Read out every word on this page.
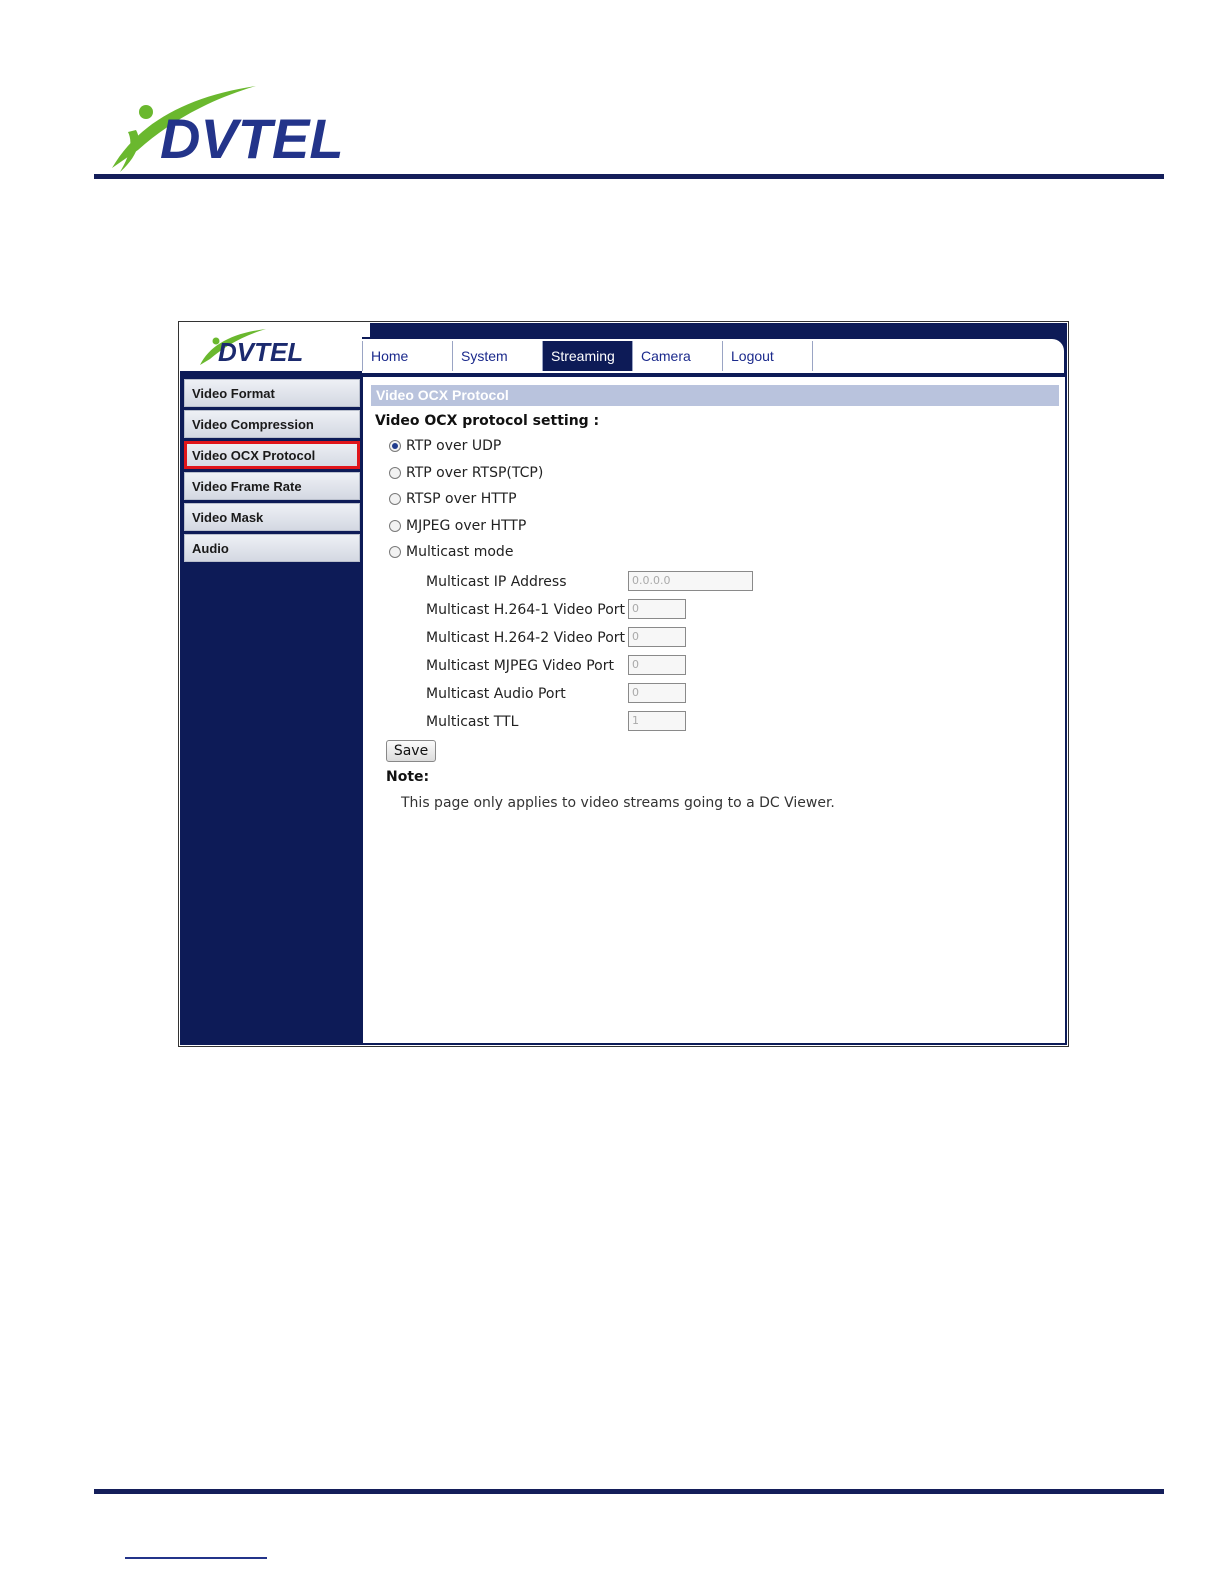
DVTEL
DVTEL	Home	System	Streaming	Camera	Logout
Video Format
Video Compression
Video OCX Protocol
Video Frame Rate
Video Mask
Audio
Video OCX Protocol
Video OCX protocol setting :
RTP over UDP
RTP over RTSP(TCP)
RTSP over HTTP
MJPEG over HTTP
Multicast mode
Multicast IP Address	0.0.0.0
Multicast H.264-1 Video Port 0
Multicast H.264-2 Video Port 0
Multicast MJPEG Video Port	0
Multicast Audio Port	0
Multicast TTL	1
Save
Note:
This page only applies to video streams going to a DC Viewer.
